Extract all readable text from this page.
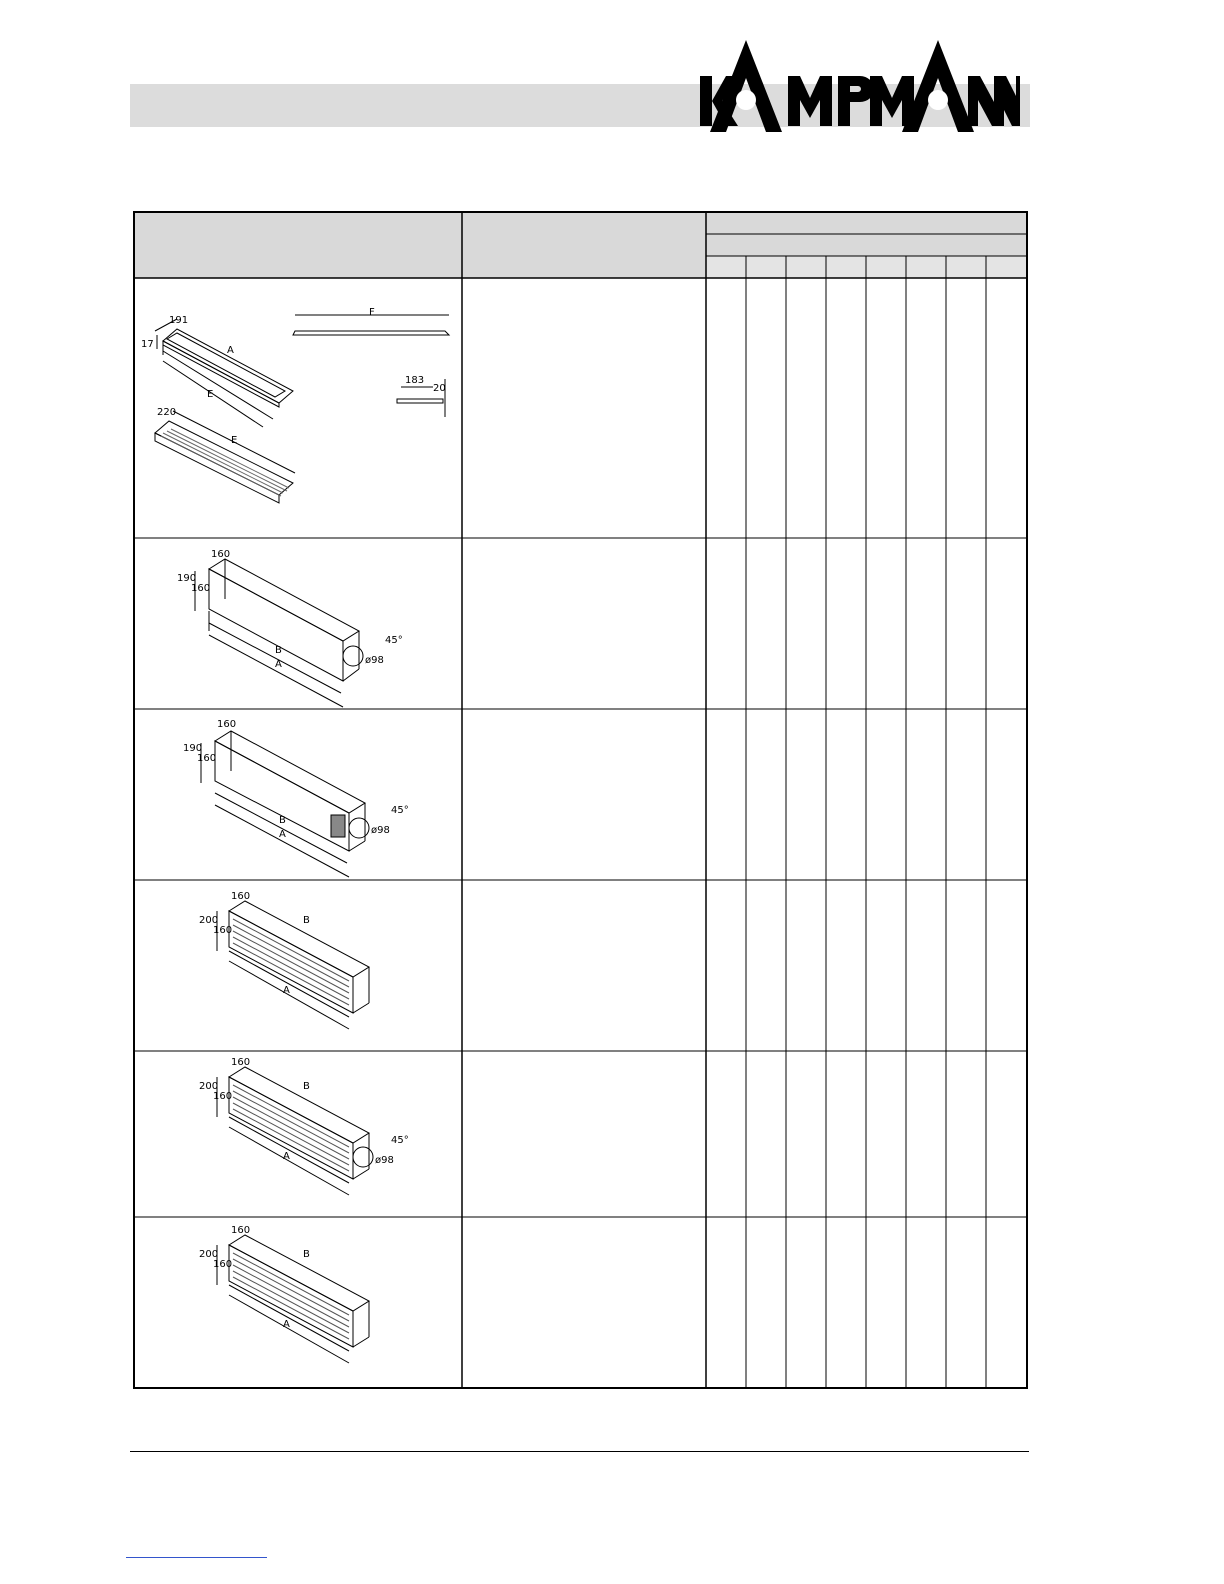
191
17
A
E
220
E
F
183
20
160
190
160
B
A	ø98
45°
160
190
160
B
A	ø98
45°
160
200
160
B
A
160
200
160
B
A	ø98
45°
160
200
160
B
A
